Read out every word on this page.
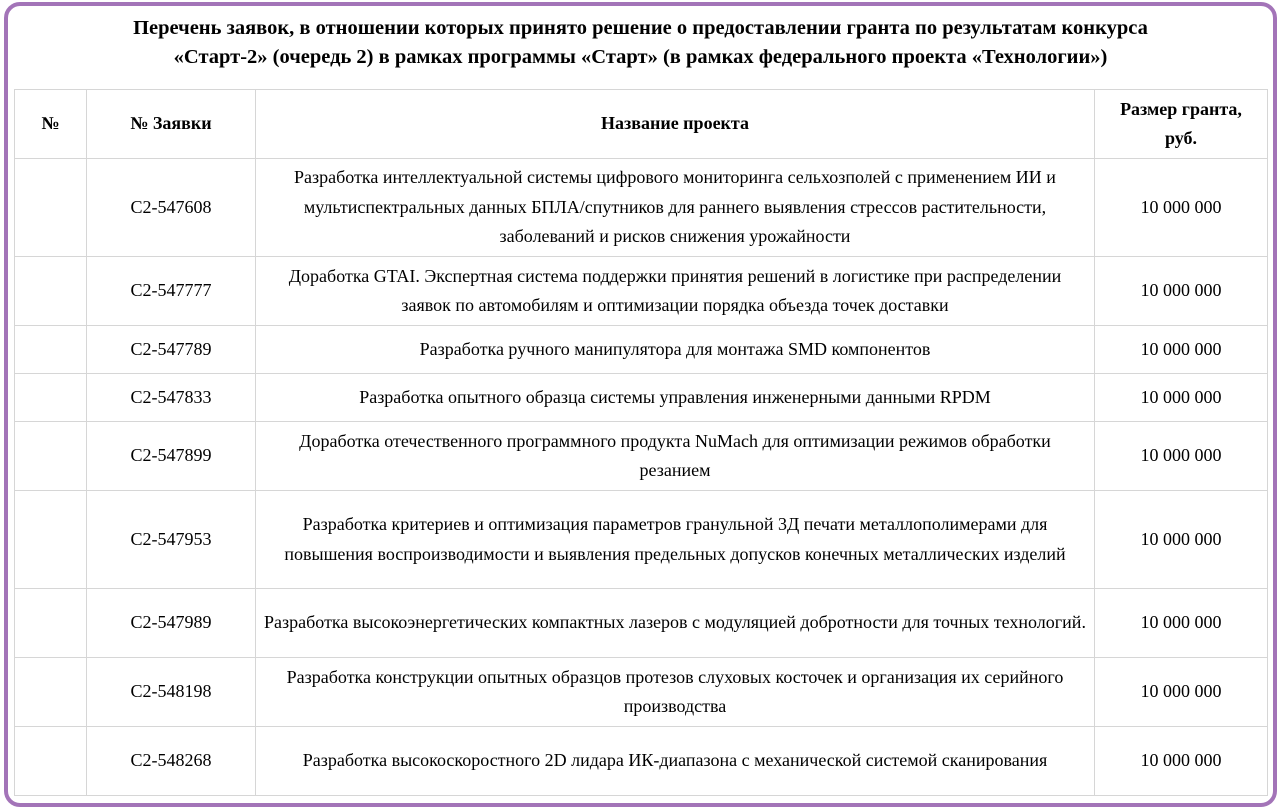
Перечень заявок, в отношении которых принято решение о предоставлении гранта по результатам конкурса
«Старт-2» (очередь 2) в рамках программы «Старт» (в рамках федерального проекта «Технологии»)
№	№ Заявки	Название проекта	Размер гранта, руб.
	С2-547608	Разработка интеллектуальной системы цифрового мониторинга сельхозполей с применением ИИ и мультиспектральных данных БПЛА/спутников для раннего выявления стрессов растительности, заболеваний и рисков снижения урожайности	10 000 000
	С2-547777	Доработка GTAI. Экспертная система поддержки принятия решений в логистике при распределении заявок по автомобилям и оптимизации порядка объезда точек доставки	10 000 000
	С2-547789	Разработка ручного манипулятора для монтажа SMD компонентов	10 000 000
	С2-547833	Разработка опытного образца системы управления инженерными данными RPDM	10 000 000
	С2-547899	Доработка отечественного программного продукта NuMach для оптимизации режимов обработки резанием	10 000 000
	С2-547953	Разработка критериев и оптимизация параметров гранульной 3Д печати металлополимерами для повышения воспроизводимости и выявления предельных допусков конечных металлических изделий	10 000 000
	С2-547989	Разработка высокоэнергетических компактных лазеров с модуляцией добротности для точных технологий.	10 000 000
	С2-548198	Разработка конструкции опытных образцов протезов слуховых косточек и организация их серийного производства	10 000 000
	С2-548268	Разработка высокоскоростного 2D лидара ИК-диапазона с механической системой сканирования	10 000 000
